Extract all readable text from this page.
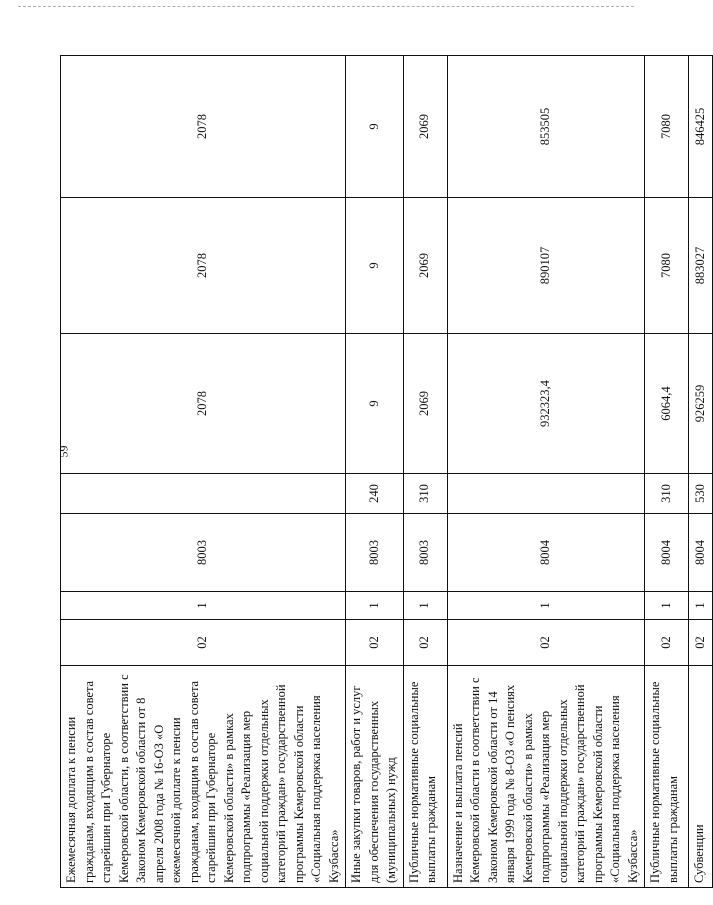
59
Ежемесячная доплата к пенсии гражданам, входящим в состав совета старейшин при Губернаторе Кемеровской области, в соответствии с Законом Кемеровской области от 8 апреля 2008 года № 16-ОЗ «О ежемесячной доплате к пенсии гражданам, входящим в состав совета старейшин при Губернаторе Кемеровской области» в рамках подпрограммы «Реализация мер социальной поддержки отдельных категорий граждан» государственной программы Кемеровской области «Социальная поддержка населения Кузбасса»	02	1	8003		2078	2078	2078
Иные закупки товаров, работ и услуг для обеспечения государственных (муниципальных) нужд	02	1	8003	240	9	9	9
Публичные нормативные социальные выплаты гражданам	02	1	8003	310	2069	2069	2069
Назначение и выплата пенсий Кемеровской области в соответствии с Законом Кемеровской области от 14 января 1999 года № 8-ОЗ «О пенсиях Кемеровской области» в рамках подпрограммы «Реализация мер социальной поддержки отдельных категорий граждан» государственной программы Кемеровской области «Социальная поддержка населения Кузбасса»	02	1	8004		932323,4	890107	853505
Публичные нормативные социальные выплаты гражданам	02	1	8004	310	6064,4	7080	7080
Субвенции	02	1	8004	530	926259	883027	846425
